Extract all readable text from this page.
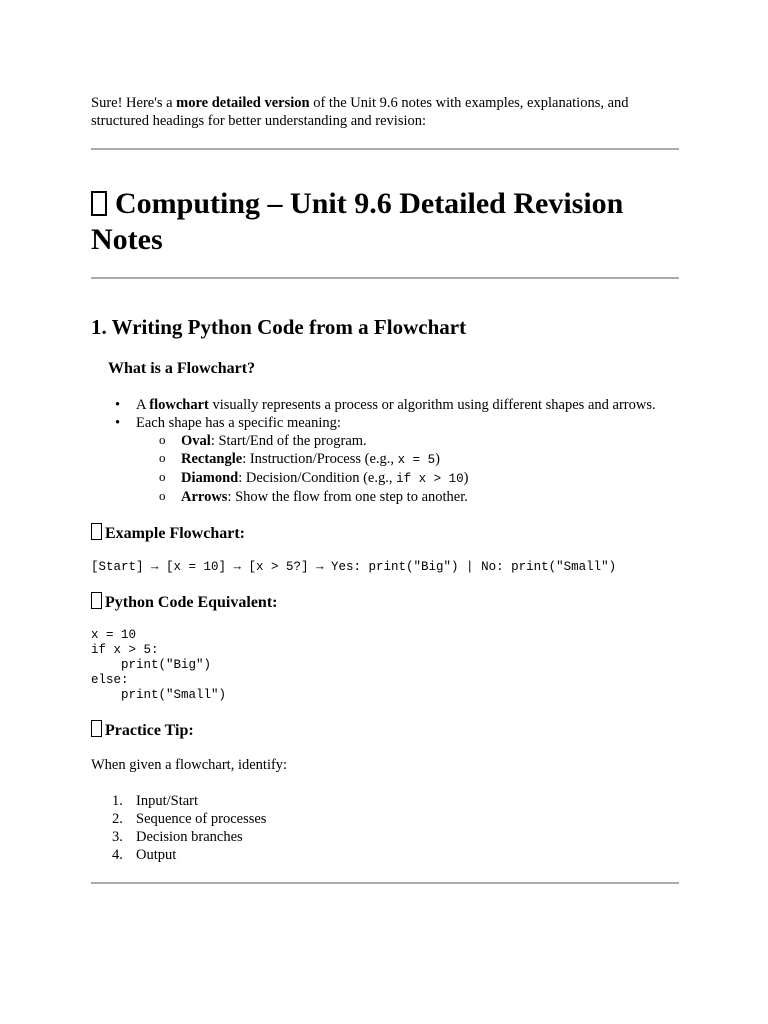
Sure! Here's a more detailed version of the Unit 9.6 notes with examples, explanations, and structured headings for better understanding and revision:

Computing – Unit 9.6 Detailed Revision Notes
1. Writing Python Code from a Flowchart
What is a Flowchart?
• A flowchart visually represents a process or algorithm using different shapes and arrows.
• Each shape has a specific meaning:
o Oval: Start/End of the program.
o Rectangle: Instruction/Process (e.g., x = 5)
o Diamond: Decision/Condition (e.g., if x > 10)
o Arrows: Show the flow from one step to another.
Example Flowchart:
[Start] → [x = 10] → [x > 5?] → Yes: print("Big") | No: print("Small")
Python Code Equivalent:
x = 10
if x > 5:
print("Big")
else:
print("Small")
Practice Tip:

When given a flowchart, identify:

1. Input/Start
2. Sequence of processes
3. Decision branches
4. Output
